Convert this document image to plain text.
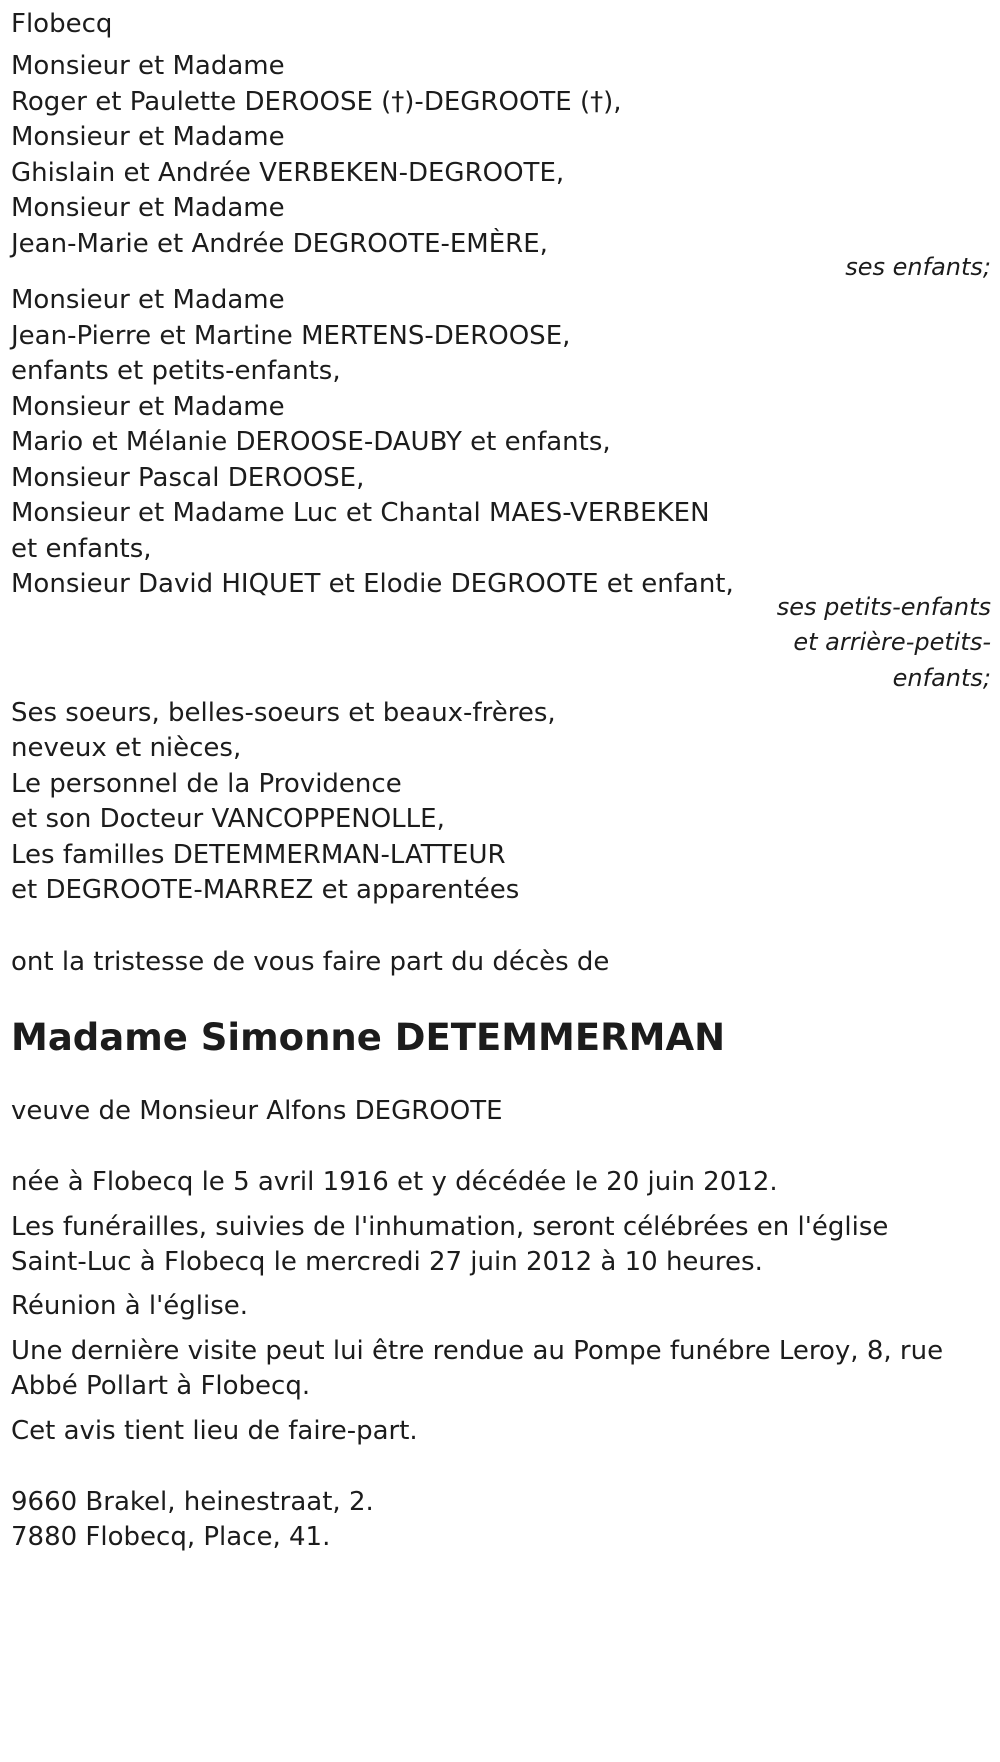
Flobecq
Monsieur et Madame
Roger et Paulette DEROOSE (†)-DEGROOTE (†),
Monsieur et Madame
Ghislain et Andrée VERBEKEN-DEGROOTE,
Monsieur et Madame
Jean-Marie et Andrée DEGROOTE-EMÈRE,
ses enfants;
Monsieur et Madame
Jean-Pierre et Martine MERTENS-DEROOSE,
enfants et petits-enfants,
Monsieur et Madame
Mario et Mélanie DEROOSE-DAUBY et enfants,
Monsieur Pascal DEROOSE,
Monsieur et Madame Luc et Chantal MAES-VERBEKEN
et enfants,
Monsieur David HIQUET et Elodie DEGROOTE et enfant,
ses petits-enfants
et arrière-petits-
enfants;
Ses soeurs, belles-soeurs et beaux-frères,
neveux et nièces,
Le personnel de la Providence
et son Docteur VANCOPPENOLLE,
Les familles DETEMMERMAN-LATTEUR
et DEGROOTE-MARREZ et apparentées
ont la tristesse de vous faire part du décès de
Madame Simonne DETEMMERMAN
veuve de Monsieur Alfons DEGROOTE
née à Flobecq le 5 avril 1916 et y décédée le 20 juin 2012.
Les funérailles, suivies de l'inhumation, seront célébrées en l'église
Saint-Luc à Flobecq le mercredi 27 juin 2012 à 10 heures.
Réunion à l'église.
Une dernière visite peut lui être rendue au Pompe funébre Leroy, 8, rue
Abbé Pollart à Flobecq.
Cet avis tient lieu de faire-part.
9660 Brakel, heinestraat, 2.
7880 Flobecq, Place, 41.
